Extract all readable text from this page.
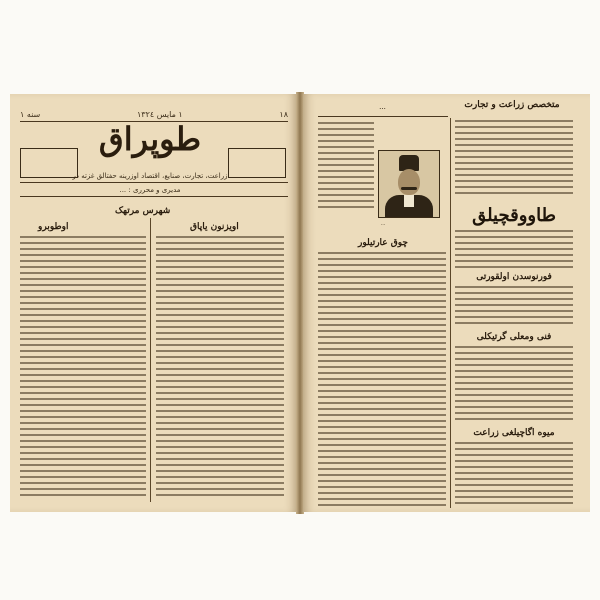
١٨
١ مايس ١٣٢٤
سنه ١
طوپراق
زراعت، تجارت، صنایع، اقتصاد اوزرینه حفتالق غزته در
مدیری و محرری : ...
شهرس مرتهک
اویزنون یاپاق
اوطوبرو
متخصص زراعت و تجارت
...
...	طاووقچیلق
چوق عارتیلور
فورنوسدن اولقورتی
فنی ومعلی گرتیکلی
میوه اگاچیلغی زراعت
